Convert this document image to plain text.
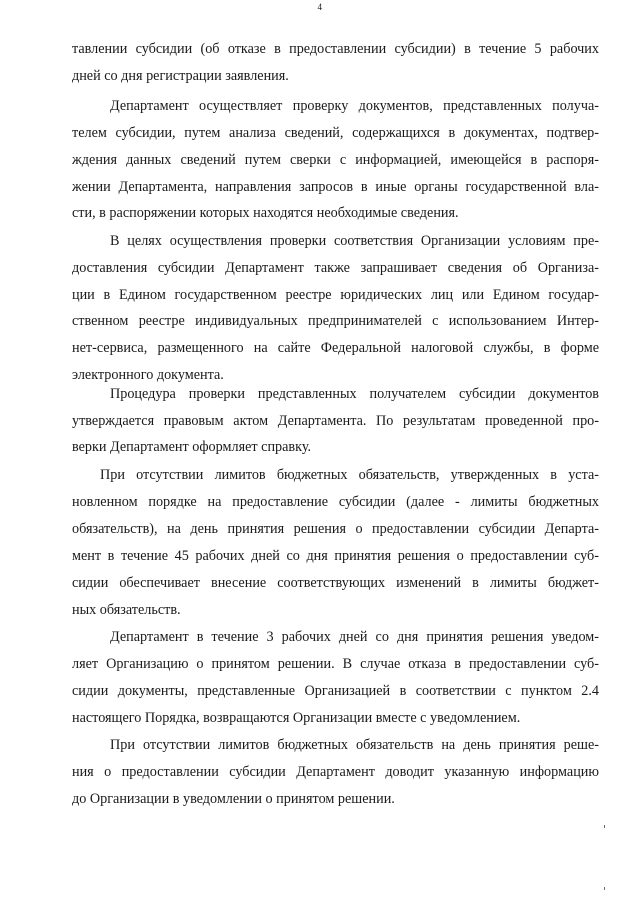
4
тавлении субсидии (об отказе в предоставлении субсидии) в течение 5 рабочих
дней со дня регистрации заявления.
Департамент осуществляет проверку документов, представленных получа-
телем субсидии, путем анализа сведений, содержащихся в документах, подтвер-
ждения данных сведений путем сверки с информацией, имеющейся в распоря-
жении Департамента, направления запросов в иные органы государственной вла-
сти, в распоряжении которых находятся необходимые сведения.
В целях осуществления проверки соответствия Организации условиям пре-
доставления субсидии Департамент также запрашивает сведения об Организа-
ции в Едином государственном реестре юридических лиц или Едином государ-
ственном реестре индивидуальных предпринимателей с использованием Интер-
нет-сервиса, размещенного на сайте Федеральной налоговой службы, в форме
электронного документа.
Процедура проверки представленных получателем субсидии документов
утверждается правовым актом Департамента. По результатам проведенной про-
верки Департамент оформляет справку.
При отсутствии лимитов бюджетных обязательств, утвержденных в уста-
новленном порядке на предоставление субсидии (далее - лимиты бюджетных
обязательств), на день принятия решения о предоставлении субсидии Департа-
мент в течение 45 рабочих дней со дня принятия решения о предоставлении суб-
сидии обеспечивает внесение соответствующих изменений в лимиты бюджет-
ных обязательств.
Департамент в течение 3 рабочих дней со дня принятия решения уведом-
ляет Организацию о принятом решении. В случае отказа в предоставлении суб-
сидии документы, представленные Организацией в соответствии с пунктом 2.4
настоящего Порядка, возвращаются Организации вместе с уведомлением.
При отсутствии лимитов бюджетных обязательств на день принятия реше-
ния о предоставлении субсидии Департамент доводит указанную информацию
до Организации в уведомлении о принятом решении.
